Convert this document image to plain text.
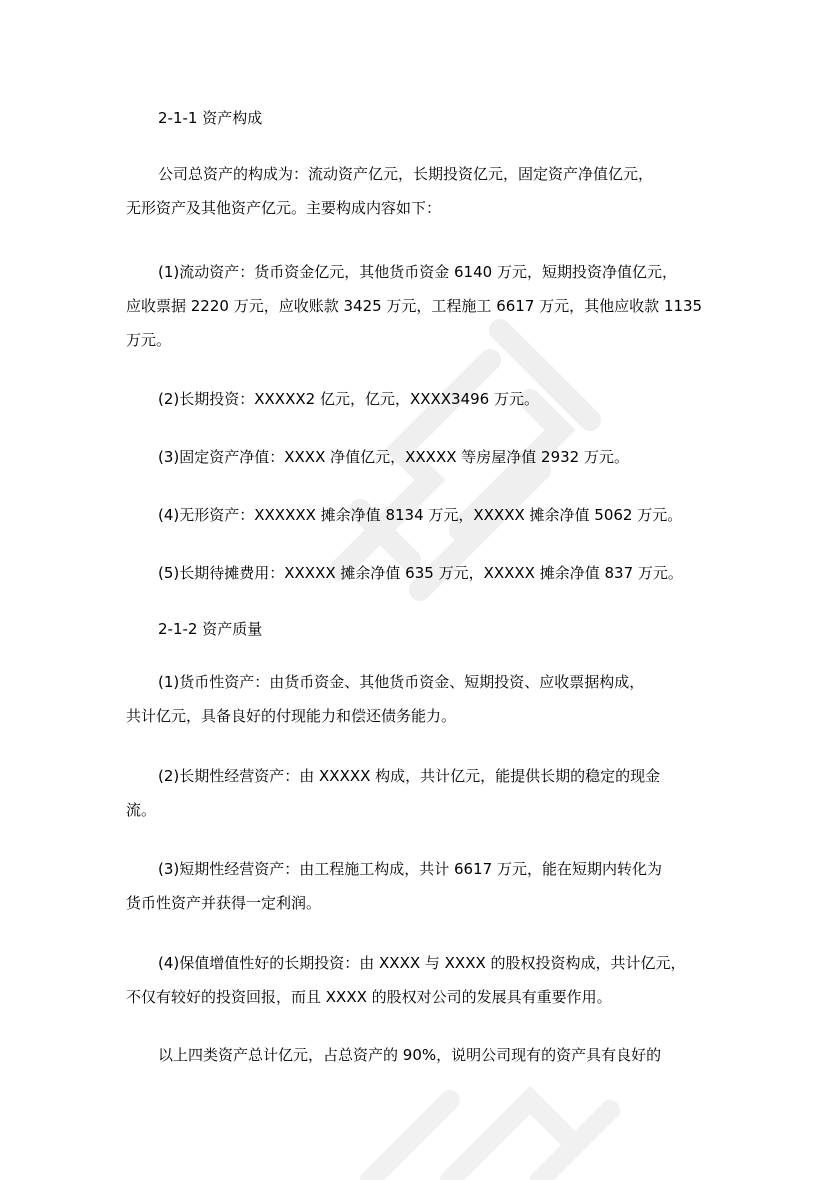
2-1-1 资产构成
公司总资产的构成为：流动资产亿元，长期投资亿元，固定资产净值亿元，
无形资产及其他资产亿元。主要构成内容如下：
(1)流动资产：货币资金亿元，其他货币资金 6140 万元，短期投资净值亿元，
应收票据 2220 万元，应收账款 3425 万元，工程施工 6617 万元，其他应收款 1135
万元。
(2)长期投资：XXXXX2 亿元，亿元，XXXX3496 万元。
(3)固定资产净值：XXXX 净值亿元，XXXXX 等房屋净值 2932 万元。
(4)无形资产：XXXXXX 摊余净值 8134 万元，XXXXX 摊余净值 5062 万元。
(5)长期待摊费用：XXXXX 摊余净值 635 万元，XXXXX 摊余净值 837 万元。
2-1-2 资产质量
(1)货币性资产：由货币资金、其他货币资金、短期投资、应收票据构成，
共计亿元，具备良好的付现能力和偿还债务能力。
(2)长期性经营资产：由 XXXXX 构成，共计亿元，能提供长期的稳定的现金
流。
(3)短期性经营资产：由工程施工构成，共计 6617 万元，能在短期内转化为
货币性资产并获得一定利润。
(4)保值增值性好的长期投资：由 XXXX 与 XXXX 的股权投资构成，共计亿元，
不仅有较好的投资回报，而且 XXXX 的股权对公司的发展具有重要作用。
以上四类资产总计亿元，占总资产的 90%，说明公司现有的资产具有良好的
